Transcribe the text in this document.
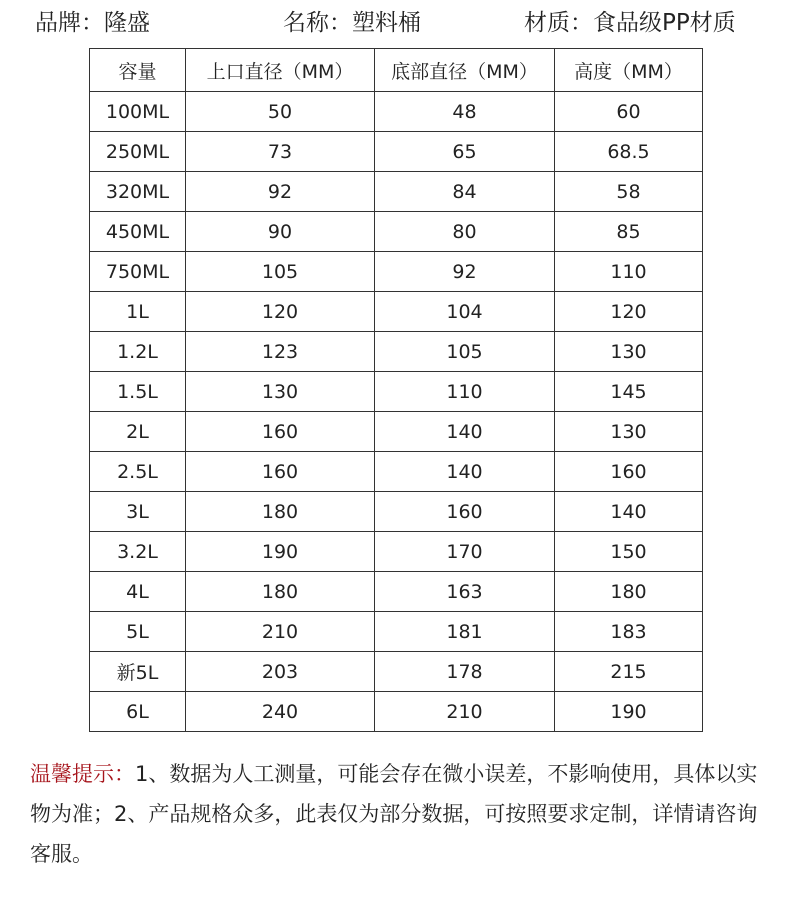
品牌：隆盛	名称：塑料桶	材质：食品级PP材质
容量	上口直径（MM）	底部直径（MM）	高度（MM）
100ML	50	48	60
250ML	73	65	68.5
320ML	92	84	58
450ML	90	80	85
750ML	105	92	110
1L	120	104	120
1.2L	123	105	130
1.5L	130	110	145
2L	160	140	130
2.5L	160	140	160
3L	180	160	140
3.2L	190	170	150
4L	180	163	180
5L	210	181	183
新5L	203	178	215
6L	240	210	190
温馨提示：1、数据为人工测量，可能会存在微小误差，不影响使用，具体以实物为准；2、产品规格众多，此表仅为部分数据，可按照要求定制，详情请咨询客服。
